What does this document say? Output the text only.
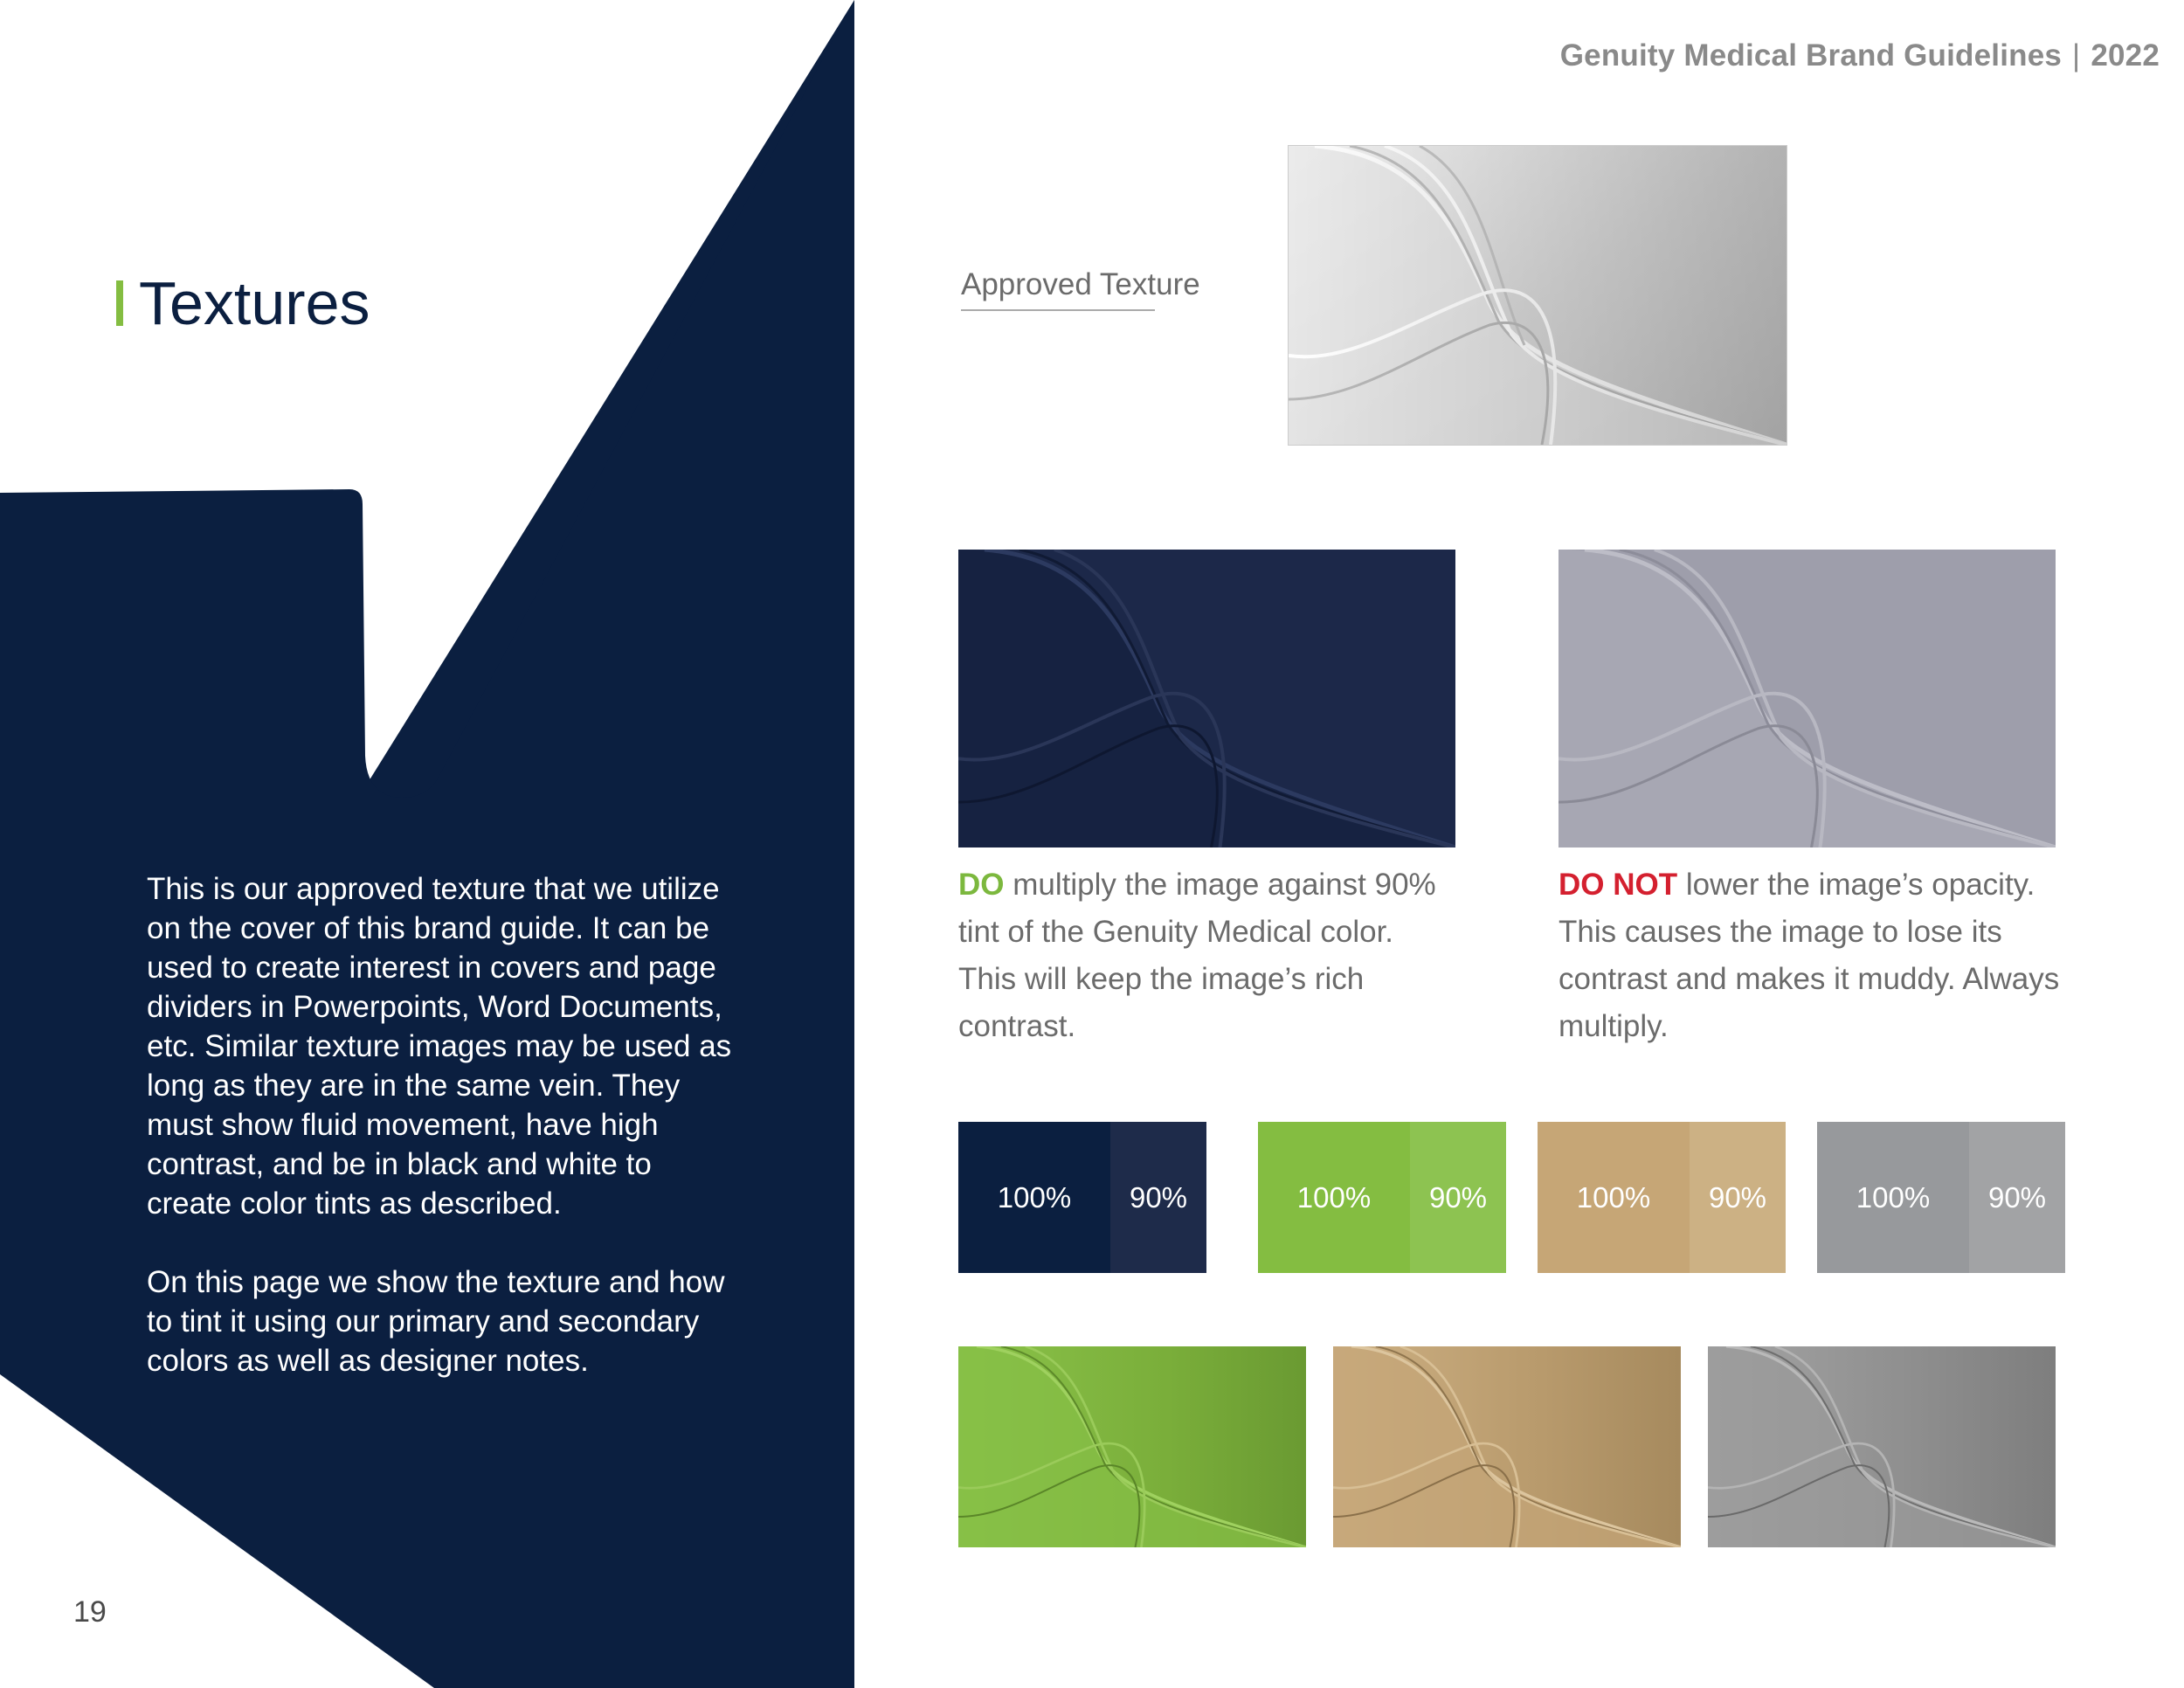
Genuity Medical Brand Guidelines | 2022
Textures

This is our approved texture that we utilize on the cover of this brand guide. It can be used to create interest in covers and page dividers in Powerpoints, Word Documents, etc. Similar texture images may be used as long as they are in the same vein. They must show fluid movement, have high contrast, and be in black and white to create color tints as described.

On this page we show the texture and how to tint it using our primary and secondary colors as well as designer notes.

19
Approved Texture
DO multiply the image against 90% tint of the Genuity Medical color. This will keep the image’s rich contrast.
DO NOT lower the image’s opacity. This causes the image to lose its contrast and makes it muddy. Always multiply.
100%	90%	100%	90%	100%	90%	100%	90%
